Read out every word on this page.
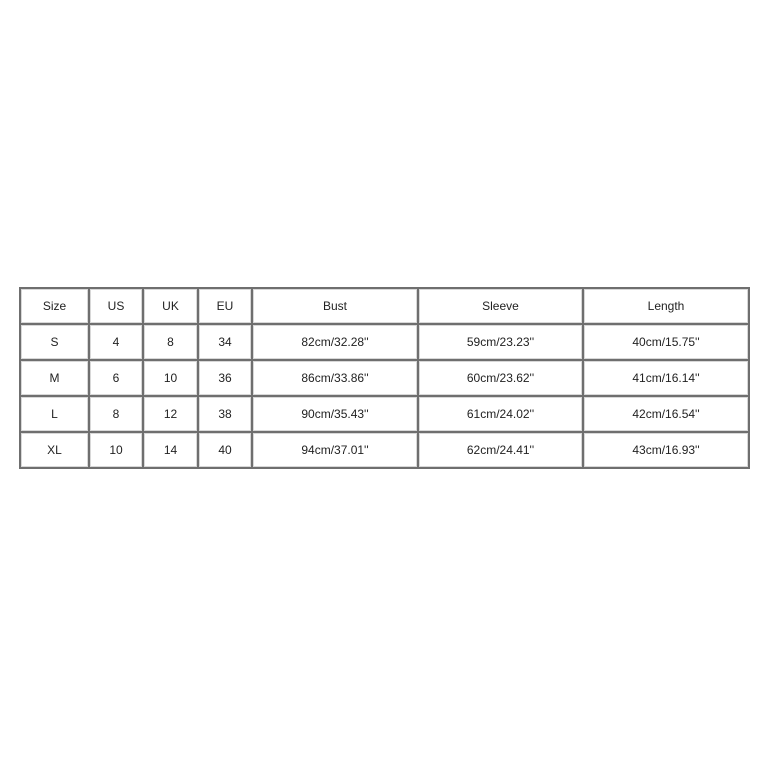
Size	US	UK	EU	Bust	Sleeve	Length
S	4	8	34	82cm/32.28''	59cm/23.23''	40cm/15.75''
M	6	10	36	86cm/33.86''	60cm/23.62''	41cm/16.14''
L	8	12	38	90cm/35.43''	61cm/24.02''	42cm/16.54''
XL	10	14	40	94cm/37.01''	62cm/24.41''	43cm/16.93''
